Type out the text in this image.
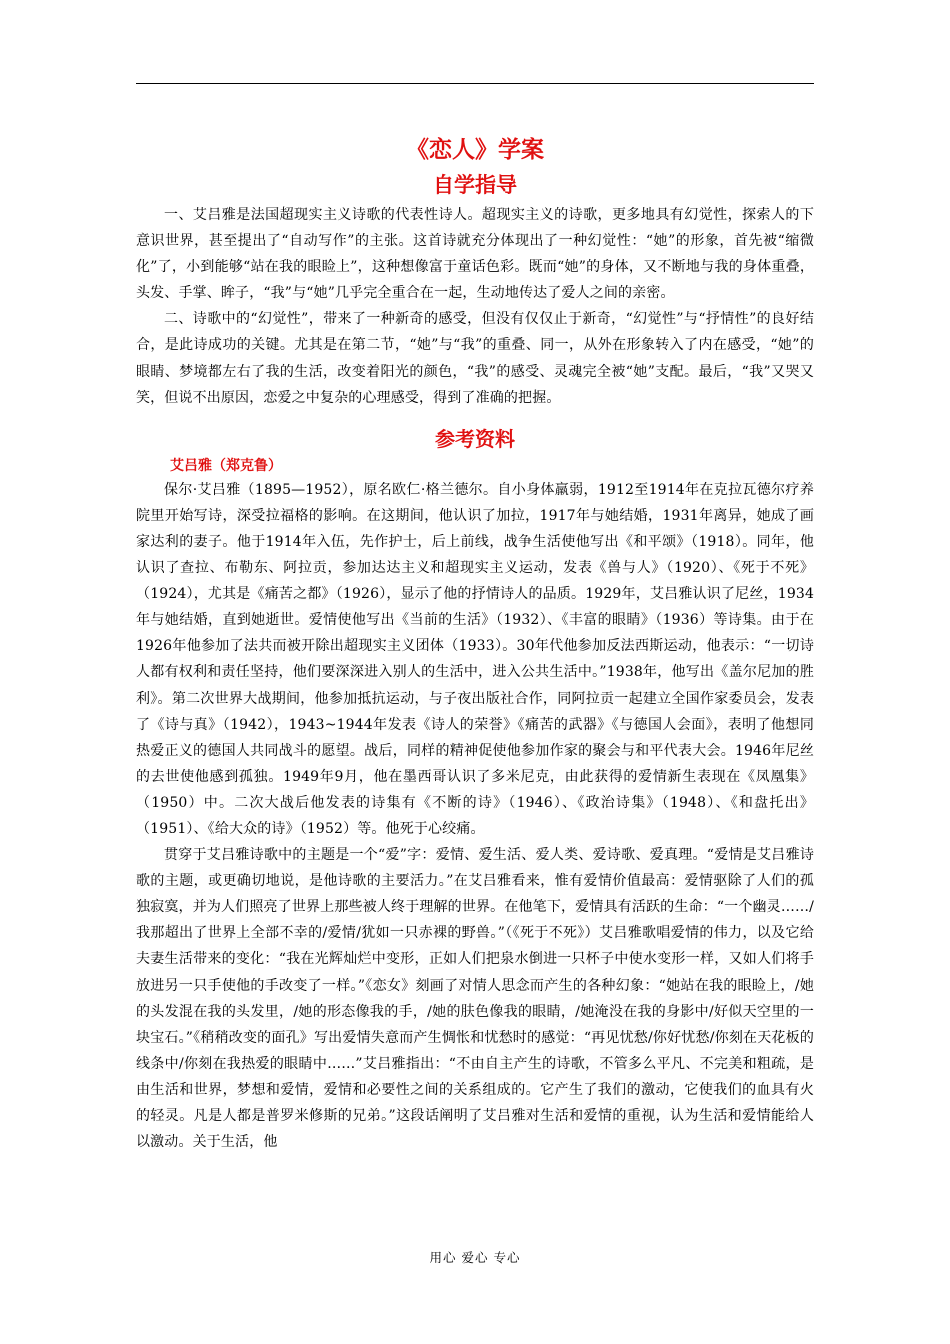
《恋人》学案
自学指导

一、艾吕雅是法国超现实主义诗歌的代表性诗人。超现实主义的诗歌，更多地具有幻觉性，探索人的下意识世界，甚至提出了“自动写作”的主张。这首诗就充分体现出了一种幻觉性：“她”的形象，首先被“缩微化”了，小到能够“站在我的眼睑上”，这种想像富于童话色彩。既而“她”的身体，又不断地与我的身体重叠，头发、手掌、眸子，“我”与“她”几乎完全重合在一起，生动地传达了爱人之间的亲密。

二、诗歌中的“幻觉性”，带来了一种新奇的感受，但没有仅仅止于新奇，“幻觉性”与“抒情性”的良好结合，是此诗成功的关键。尤其是在第二节，“她”与“我”的重叠、同一，从外在形象转入了内在感受，“她”的眼睛、梦境都左右了我的生活，改变着阳光的颜色，“我”的感受、灵魂完全被“她”支配。最后，“我”又哭又笑，但说不出原因，恋爱之中复杂的心理感受，得到了准确的把握。

参考资料
艾吕雅（郑克鲁）

保尔·艾吕雅（1895—1952），原名欧仁·格兰德尔。自小身体羸弱，1912至1914年在克拉瓦德尔疗养院里开始写诗，深受拉福格的影响。在这期间，他认识了加拉，1917年与她结婚，1931年离异，她成了画家达利的妻子。他于1914年入伍，先作护士，后上前线，战争生活使他写出《和平颂》（1918）。同年，他认识了查拉、布勒东、阿拉贡，参加达达主义和超现实主义运动，发表《兽与人》（1920）、《死于不死》（1924），尤其是《痛苦之都》（1926），显示了他的抒情诗人的品质。1929年，艾吕雅认识了尼丝，1934年与她结婚，直到她逝世。爱情使他写出《当前的生活》（1932）、《丰富的眼睛》（1936）等诗集。由于在1926年他参加了法共而被开除出超现实主义团体（1933）。30年代他参加反法西斯运动，他表示：“一切诗人都有权利和责任坚持，他们要深深进入别人的生活中，进入公共生活中。”1938年，他写出《盖尔尼加的胜利》。第二次世界大战期间，他参加抵抗运动，与子夜出版社合作，同阿拉贡一起建立全国作家委员会，发表了《诗与真》（1942），1943~1944年发表《诗人的荣誉》《痛苦的武器》《与德国人会面》，表明了他想同热爱正义的德国人共同战斗的愿望。战后，同样的精神促使他参加作家的聚会与和平代表大会。1946年尼丝的去世使他感到孤独。1949年9月，他在墨西哥认识了多米尼克，由此获得的爱情新生表现在《凤凰集》（1950）中。二次大战后他发表的诗集有《不断的诗》（1946）、《政治诗集》（1948）、《和盘托出》（1951）、《给大众的诗》（1952）等。他死于心绞痛。

贯穿于艾吕雅诗歌中的主题是一个“爱”字：爱情、爱生活、爱人类、爱诗歌、爱真理。“爱情是艾吕雅诗歌的主题，或更确切地说，是他诗歌的主要活力。”在艾吕雅看来，惟有爱情价值最高：爱情驱除了人们的孤独寂寞，并为人们照亮了世界上那些被人终于理解的世界。在他笔下，爱情具有活跃的生命：“一个幽灵……/我那超出了世界上全部不幸的/爱情/犹如一只赤裸的野兽。”（《死于不死》）艾吕雅歌唱爱情的伟力，以及它给夫妻生活带来的变化：“我在光辉灿烂中变形，正如人们把泉水倒进一只杯子中使水变形一样，又如人们将手放进另一只手使他的手改变了一样。”《恋女》刻画了对情人思念而产生的各种幻象：“她站在我的眼睑上，/她的头发混在我的头发里，/她的形态像我的手，/她的肤色像我的眼睛，/她淹没在我的身影中/好似天空里的一块宝石。”《稍稍改变的面孔》写出爱情失意而产生惆怅和忧愁时的感觉：“再见忧愁/你好忧愁/你刻在天花板的线条中/你刻在我热爱的眼睛中……”艾吕雅指出：“不由自主产生的诗歌，不管多么平凡、不完美和粗疏，是由生活和世界，梦想和爱情，爱情和必要性之间的关系组成的。它产生了我们的激动，它使我们的血具有火的轻灵。凡是人都是普罗米修斯的兄弟。”这段话阐明了艾吕雅对生活和爱情的重视，认为生活和爱情能给人以激动。关于生活，他

用心 爱心 专心
